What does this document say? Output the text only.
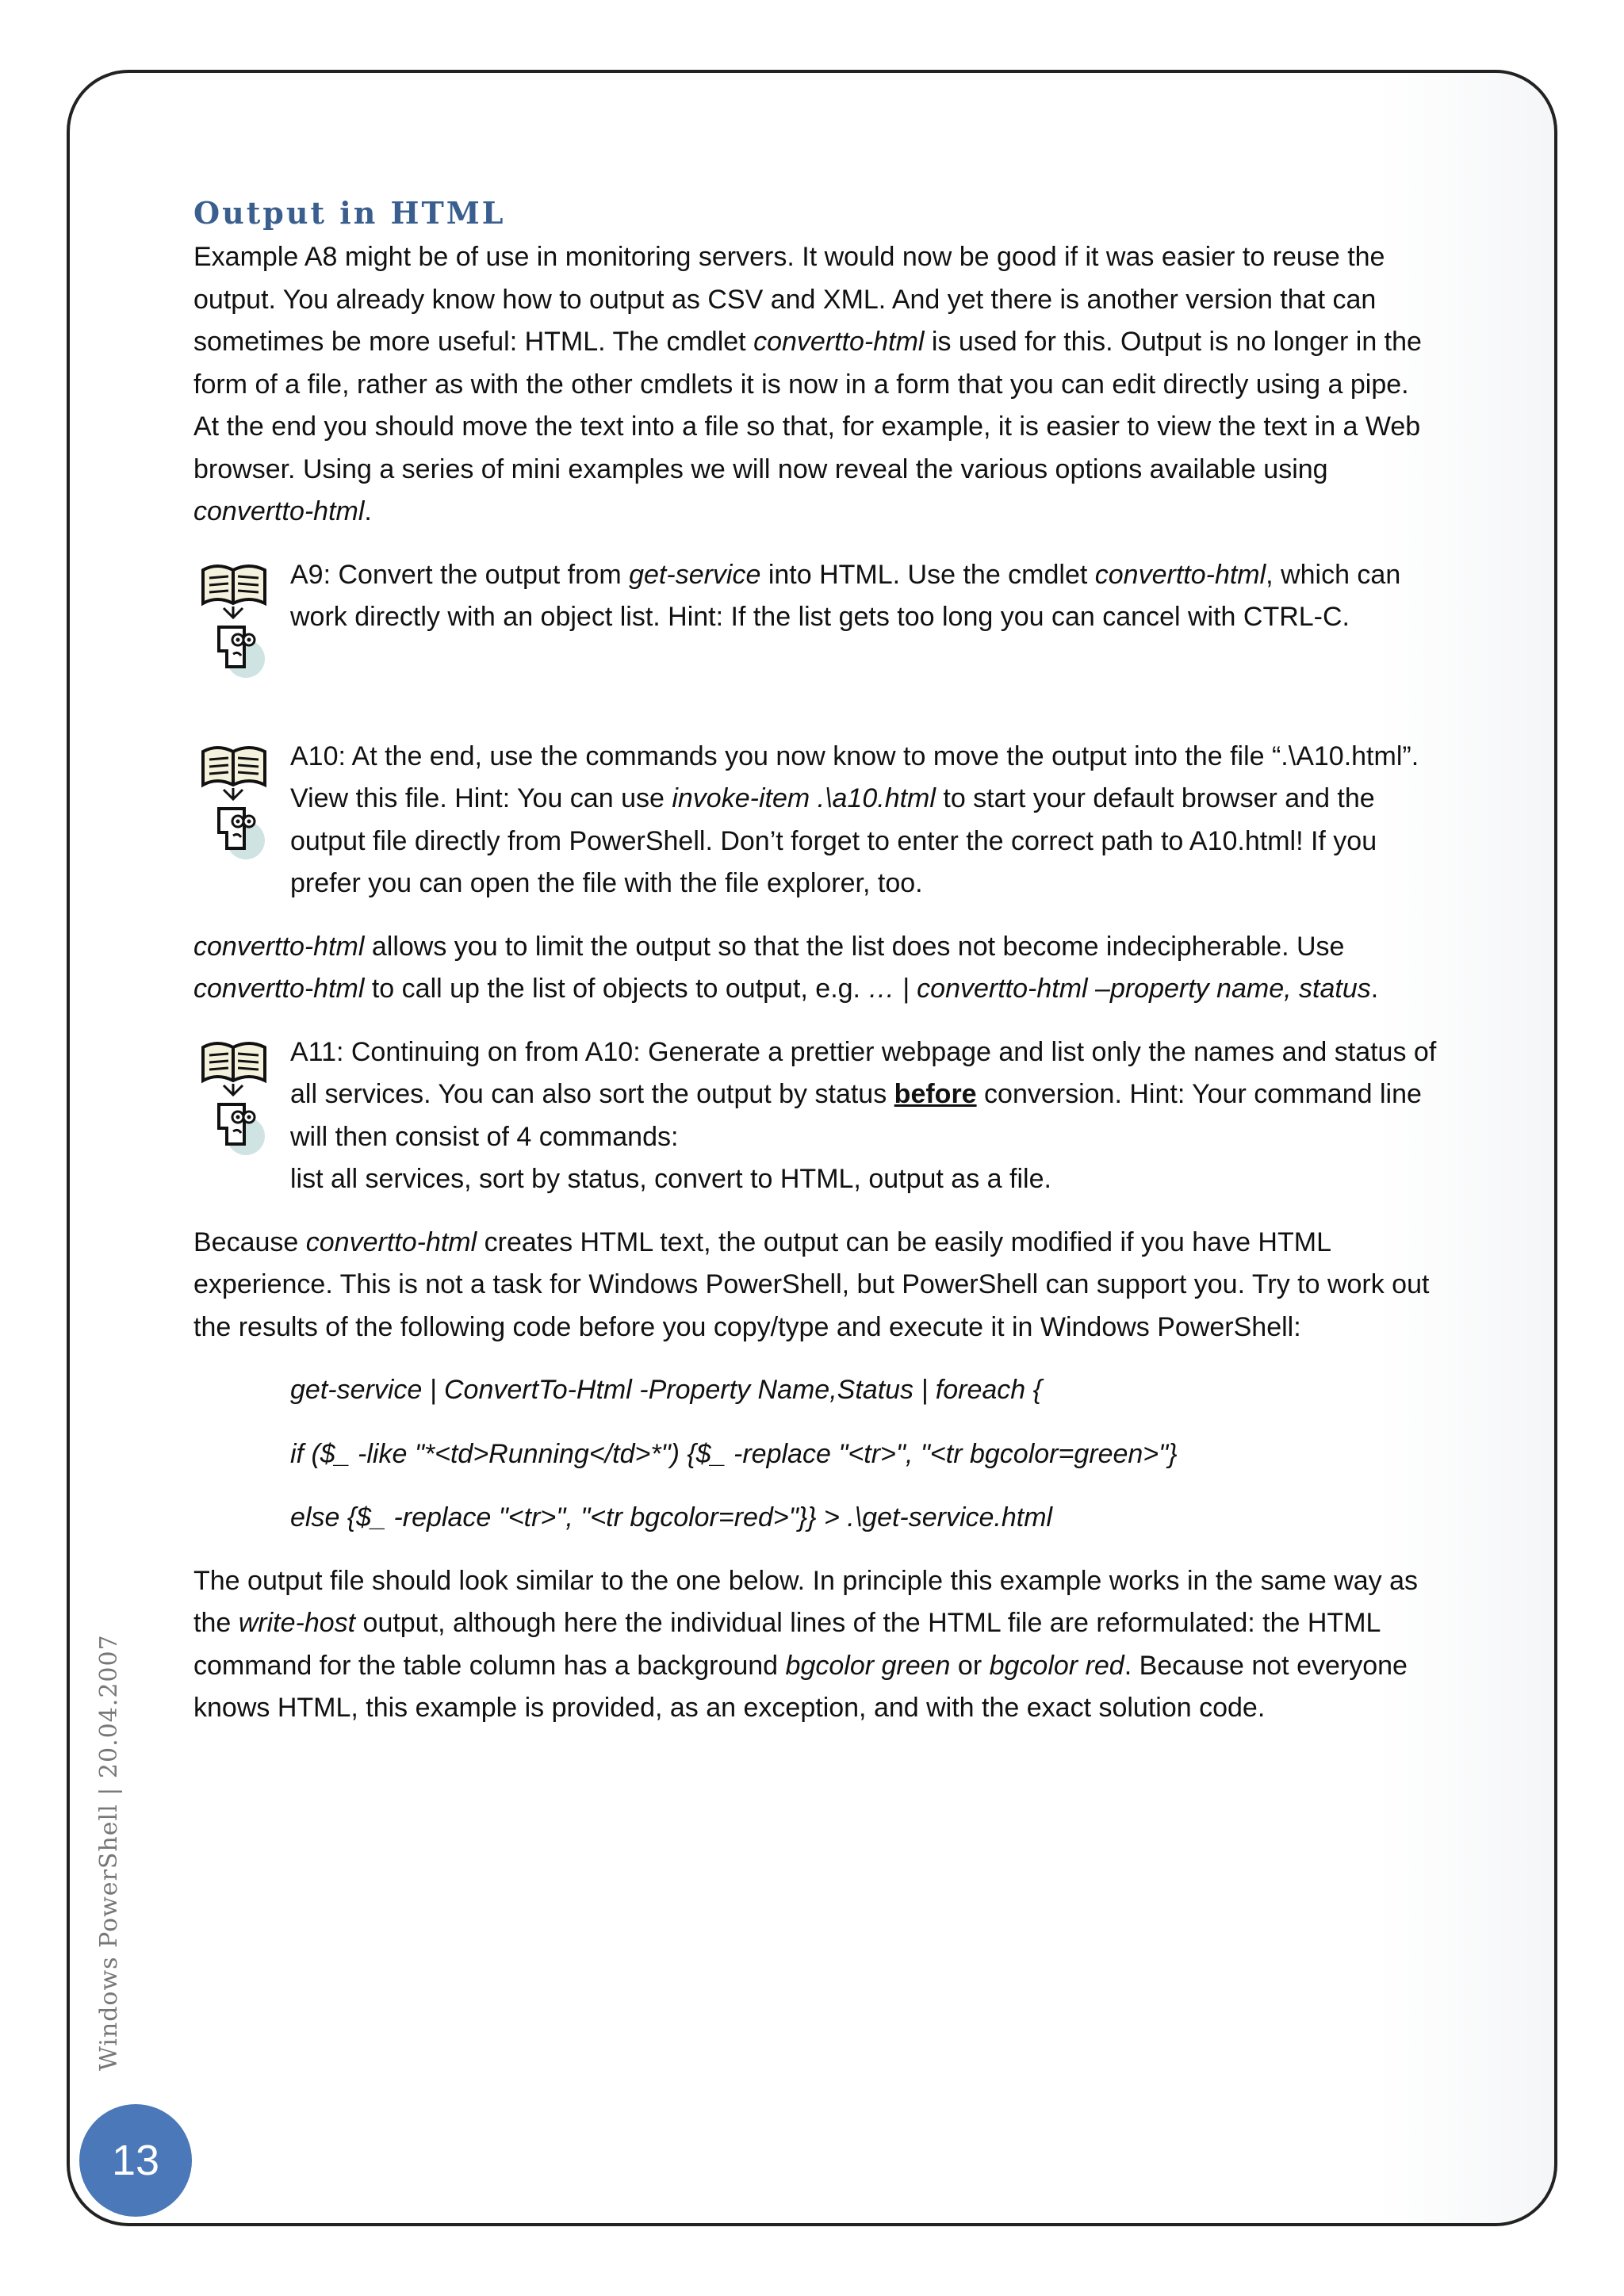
Output in HTML

Example A8 might be of use in monitoring servers. It would now be good if it was easier to reuse the output. You already know how to output as CSV and XML. And yet there is another version that can sometimes be more useful: HTML. The cmdlet convertto-html is used for this. Output is no longer in the form of a file, rather as with the other cmdlets it is now in a form that you can edit directly using a pipe. At the end you should move the text into a file so that, for example, it is easier to view the text in a Web browser. Using a series of mini examples we will now reveal the various options available using convertto-html.

A9: Convert the output from get-service into HTML. Use the cmdlet convertto-html, which can work directly with an object list. Hint: If the list gets too long you can cancel with CTRL-C.

A10: At the end, use the commands you now know to move the output into the file “.\A10.html”. View this file. Hint: You can use invoke-item .\a10.html to start your default browser and the output file directly from PowerShell. Don’t forget to enter the correct path to A10.html! If you prefer you can open the file with the file explorer, too.

convertto-html allows you to limit the output so that the list does not become indecipherable. Use convertto-html to call up the list of objects to output, e.g. … | convertto-html –property name, status.

A11: Continuing on from A10: Generate a prettier webpage and list only the names and status of all services. You can also sort the output by status before conversion. Hint: Your command line will then consist of 4 commands:

list all services, sort by status, convert to HTML, output as a file.

Because convertto-html creates HTML text, the output can be easily modified if you have HTML experience. This is not a task for Windows PowerShell, but PowerShell can support you. Try to work out the results of the following code before you copy/type and execute it in Windows PowerShell:

get-service | ConvertTo-Html -Property Name,Status | foreach {

if ($_ -like "*<td>Running</td>*") {$_ -replace "<tr>", "<tr bgcolor=green>"}

else {$_ -replace "<tr>", "<tr bgcolor=red>"}} > .\get-service.html

The output file should look similar to the one below. In principle this example works in the same way as the write-host output, although here the individual lines of the HTML file are reformulated: the HTML command for the table column has a background bgcolor green or bgcolor red. Because not everyone knows HTML, this example is provided, as an exception, and with the exact solution code.

Windows PowerShell | 20.04.2007
13
